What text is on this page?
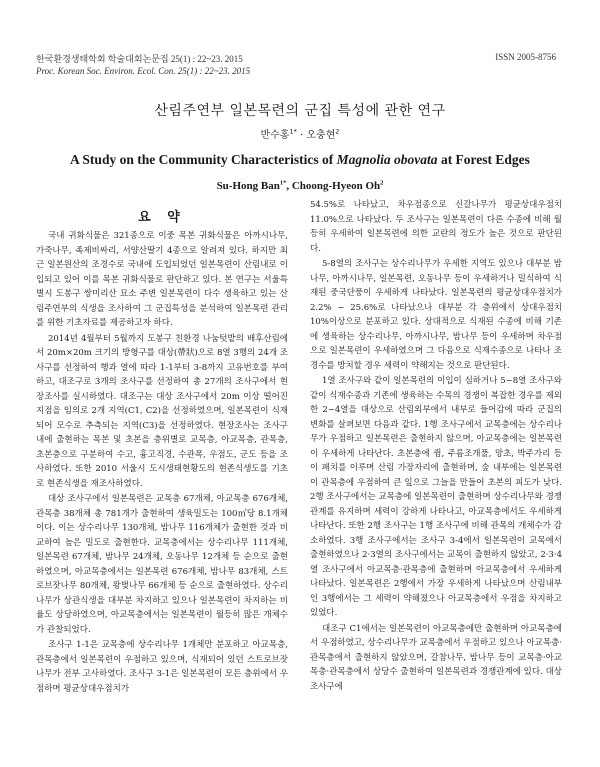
한국환경생태학회 학술대회논문집 25(1) : 22~23. 2015
Proc. Korean Soc. Environ. Ecol. Con. 25(1) : 22~23. 2015
ISSN 2005-8756
산림주연부 일본목련의 군집 특성에 관한 연구
반수홍$^{1*}$ · 오충현$^2$
A Study on the Community Characteristics of Magnolia obovata at Forest Edges
Su-Hong Ban$^{1*}$, Choong-Hyeon Oh$^2$
요 약

국내 귀화식물은 321종으로 이중 목본 귀화식물은 아까시나무, 가죽나무, 족제비싸리, 서양산딸기 4종으로 알려져 있다. 하지만 최근 일본원산의 조경수로 국내에 도입되었던 일본목련이 산림내로 이입되고 있어 이를 목본 귀화식물로 판단하고 있다. 본 연구는 서울특별시 도봉구 쌍미리산 묘소 주변 일본목련이 다수 생육하고 있는 산림주연부의 식생을 조사하여 그 군집특성을 분석하여 일본목련 관리를 위한 기초자료를 제공하고자 하다.

2014년 4월부터 5월까지 도봉구 친환경 나눔텃밭의 배후산림에서 20m×20m 크기의 방형구를 대상(帶狀)으로 8열 3행의 24개 조사구를 선정하여 행과 열에 따라 1-1부터 3-8까지 고유번호를 부여하고, 대조구로 3개의 조사구를 선정하여 총 27개의 조사구에서 현장조사를 실시하였다. 대조구는 대상 조사구에서 20m 이상 떨어진 지점을 임의로 2개 지역(C1, C2)을 선정하였으며, 일본목련이 식재되어 모수로 추측되는 지역(C3)을 선정하였다. 현장조사는 조사구 내에 출현하는 목본 및 초본을 층위별로 교목층, 아교목층, 관목층, 초본층으로 구분하여 수고, 흉고직경, 수관폭, 우점도, 군도 등을 조사하였다. 또한 2010 서울시 도시생태현황도의 현존식생도를 기초로 현존식생을 재조사하였다.

대상 조사구에서 일본목련은 교목층 67개체, 아교목층 676개체, 관목층 38개체 총 781개가 출현하여 생육밀도는 100㎡당 8.1개체이다. 이는 상수리나무 130개체, 밤나무 116개체가 출현한 것과 비교하여 높은 밀도로 출현한다. 교목층에서는 상수리나무 111개체, 일본목련 67개체, 밤나무 24개체, 오동나무 12개체 등 순으로 출현하였으며, 아교목층에서는 일본목련 676개체, 밤나무 83개체, 스트로브잣나무 80개체, 왕벚나무 66개체 등 순으로 출현하였다. 상수리나무가 상관식생을 대부분 차지하고 있으나 일본목련이 차지하는 비율도 상당하였으며, 아교목층에서는 일본목련이 월등히 많은 개체수가 관찰되었다.

조사구 1-1은 교목층에 상수리나무 1개체만 분포하고 아교목층, 관목층에서 일본목련이 우점하고 있으며, 식재되어 있던 스트로브잣나무가 전부 고사하였다. 조사구 3-1은 일본목련이 모든 층위에서 우점하며 평균상대우점치가

54.5%로 나타났고, 차우점종으로 신갈나무가 평균상대우점치 11.0%으로 나타났다. 두 조사구는 일본목련이 다른 수종에 비해 월등히 우세하여 일본목련에 의한 교란의 정도가 높은 것으로 판단된다.

5-8열의 조사구는 상수리나무가 우세한 지역도 있으나 대부분 밤나무, 아까시나무, 일본목련, 오동나무 등이 우세하거나 밀식하여 식재된 중국단풍이 우세하게 나타났다. 일본목련의 평균상대우점치가 2.2% ~ 25.6%로 나타났으나 대부분 각 층위에서 상대우점치 10%이상으로 분포하고 있다. 상대적으로 식재된 수종에 비해 기존에 생육하는 상수리나무, 아까시나무, 밤나무 등이 우세하며 차우점으로 일본목련이 우세하였으며 그 다음으로 식재수종으로 나타나 조경수를 방치할 경우 세력이 약해지는 것으로 판단된다.

1열 조사구와 같이 일본목련의 이입이 심하거나 5~8열 조사구와 같이 식재수종과 기존에 생육하는 수목의 경쟁이 복잡한 경우를 제외한 2~4열을 대상으로 산림외부에서 내부로 들어감에 따라 군집의 변화를 살펴보면 다음과 같다. 1행 조사구에서 교목층에는 상수리나무가 우점하고 일본목련은 출현하지 않으며, 아교목층에는 일본목련이 우세하게 나타난다. 초본층에 쥠, 주름조개풀, 망초, 박주가리 등이 패치를 이루며 산림 가장자리에 출현하며, 숲 내부에는 일본목련이 관목층에 우점하여 큰 잎으로 그늘을 만들어 초본의 피도가 낮다. 2행 조사구에서는 교목층에 일본목련이 출현하며 상수리나무와 경쟁관계를 유지하며 세력이 강하게 나타나고, 아교목층에서도 우세하게 나타난다. 또한 2행 조사구는 1행 조사구에 비해 관목의 개체수가 감소하였다. 3행 조사구에서는 조사구 3-4에서 일본목련이 교목에서 출현하였으나 2·3열의 조사구에서는 교목이 출현하지 않았고, 2·3·4열 조사구에서 아교목층·관목층에 출현하며 아교목층에서 우세하게 나타났다. 일본목련은 2행에서 가장 우세하게 나타났으며 산림내부인 3행에서는 그 세력이 약해졌으나 아교목층에서 우점을 차지하고 있었다.

대조구 C1에서는 일본목련이 아교목층에만 출현하며 아교목층에서 우점하였고, 상수리나무가 교목층에서 우점하고 있으나 아교목층·관목층에서 출현하지 않았으며, 갈참나무, 밤나무 등이 교목층·아교목층·관목층에서 상당수 출현하여 일본목련과 경쟁관계에 있다. 대상 조사구에
